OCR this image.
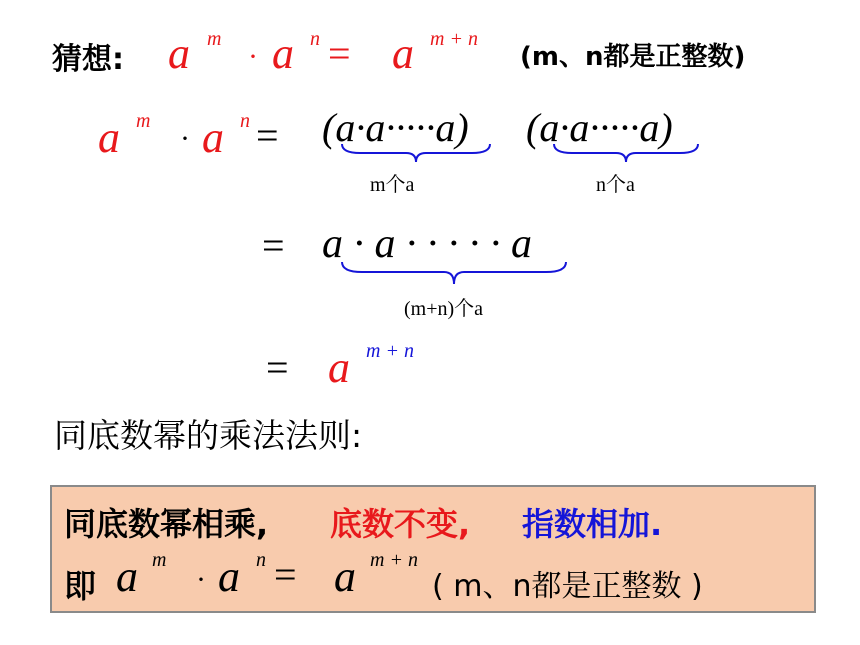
猜想: a m
· a n = a m + n
(m、n都是正整数)
a m
· a n = (a·a·····a) (a·a·····a)
m个a	n个a
= a · a · · · · · a
(m+n)个a
= a m + n
同底数幂的乘法法则:
同底数幂相乘, 底数不变, 指数相加.
即 a m
· a n = a m + n
( m、n都是正整数 )
